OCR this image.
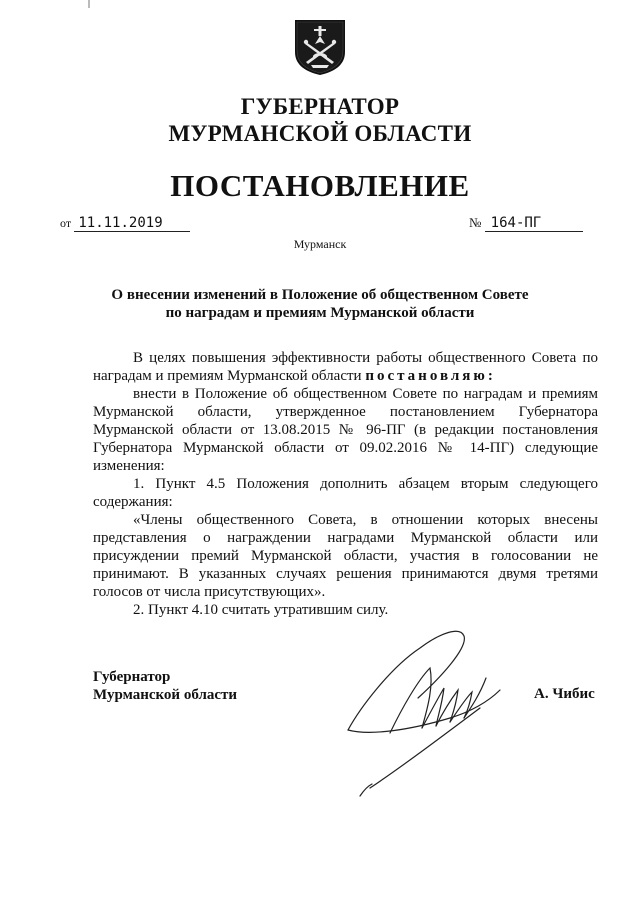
ГУБЕРНАТОР
МУРМАНСКОЙ ОБЛАСТИ
ПОСТАНОВЛЕНИЕ
от 11.11.2019	№ 164-ПГ
Мурманск
О внесении изменений в Положение об общественном Совете
по наградам и премиям Мурманской области

В целях повышения эффективности работы общественного Совета по наградам и премиям Мурманской области постановляю:

внести в Положение об общественном Совете по наградам и премиям Мурманской области, утвержденное постановлением Губернатора Мурманской области от 13.08.2015 № 96-ПГ (в редакции постановления Губернатора Мурманской области от 09.02.2016 № 14-ПГ) следующие изменения:

1. Пункт 4.5 Положения дополнить абзацем вторым следующего содержания:

«Члены общественного Совета, в отношении которых внесены представления о награждении наградами Мурманской области или присуждении премий Мурманской области, участия в голосовании не принимают. В указанных случаях решения принимаются двумя третями голосов от числа присутствующих».

2. Пункт 4.10 считать утратившим силу.

Губернатор
Мурманской области	А. Чибис
